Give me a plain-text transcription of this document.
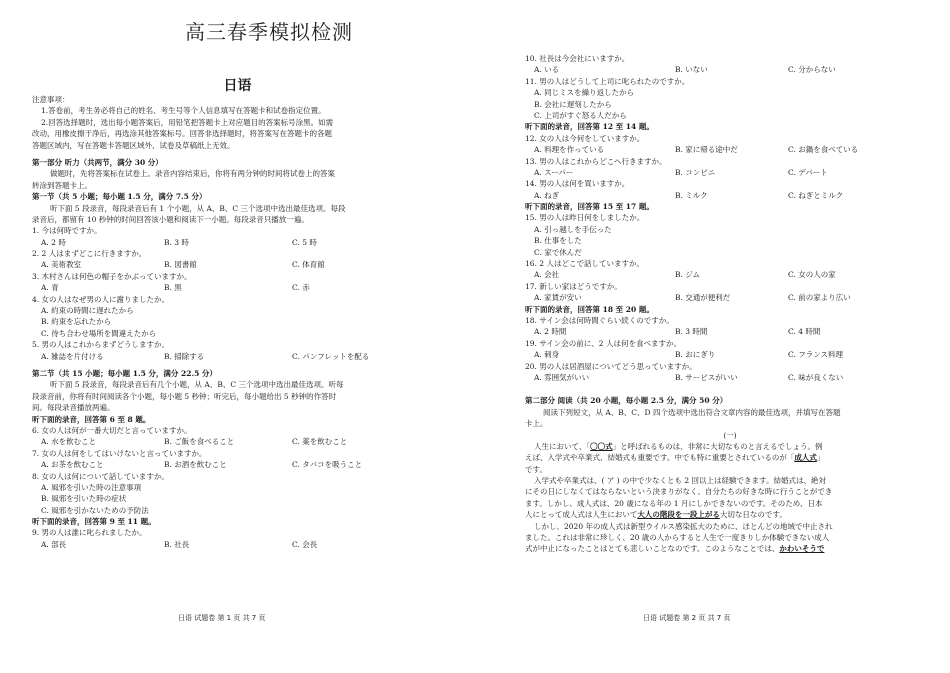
高三春季模拟检测
日语
注意事项：
1.答卷前，考生务必将自己的姓名、考生号等个人信息填写在答题卡和试卷指定位置。
2.回答选择题时，选出每小题答案后，用铅笔把答题卡上对应题目的答案标号涂黑。如需
改动，用橡皮擦干净后，再选涂其他答案标号。回答非选择题时，将答案写在答题卡的各题
答题区域内，写在答题卡答题区域外、试卷及草稿纸上无效。
第一部分 听力（共两节，满分 30 分）
做题时，先将答案标在试卷上。录音内容结束后，你将有两分钟的时间将试卷上的答案
转涂到答题卡上。
第一节（共 5 小题；每小题 1.5 分，满分 7.5 分）
听下面 5 段录音，每段录音后有 1 个小题，从 A、B、C 三个选项中选出最佳选项。每段
录音后，都留有 10 秒钟的时间回答该小题和阅读下一小题。每段录音只播放一遍。
1. 今は何時ですか。
A. 2 時	B. 3 時	C. 5 時
2. 2 人はまずどこに行きますか。
A. 美術教室	B. 図書館	C. 体育館
3. 木村さんは何色の帽子をかぶっていますか。
A. 青	B. 黒	C. 赤
4. 女の人はなぜ男の人に謝りましたか。
A. 約束の時間に遅れたから
B. 約束を忘れたから
C. 待ち合わせ場所を間違えたから
5. 男の人はこれからまずどうしますか。
A. 雑誌を片付ける	B. 掃除する	C. パンフレットを配る
第二节（共 15 小题；每小题 1.5 分，满分 22.5 分）
听下面 5 段录音，每段录音后有几个小题，从 A、B、C 三个选项中选出最佳选项。听每
段录音前，你将有时间阅读各个小题，每小题 5 秒钟；听完后，每小题给出 5 秒钟的作答时
间。每段录音播放两遍。
听下面的录音，回答第 6 至 8 题。
6. 女の人は何が一番大切だと言っていますか。
A. 水を飲むこと	B. ご飯を食べること	C. 薬を飲むこと
7. 女の人は何をしてはいけないと言っていますか。
A. お茶を飲むこと	B. お酒を飲むこと	C. タバコを吸うこと
8. 女の人は何について話していますか。
A. 風邪を引いた時の注意事項
B. 風邪を引いた時の症状
C. 風邪を引かないための予防法
听下面的录音，回答第 9 至 11 题。
9. 男の人は誰に叱られましたか。
A. 部長	B. 社長	C. 会長
日语 试题卷 第 1 页 共 7 页
10. 社長は今会社にいますか。
A. いる	B. いない	C. 分からない
11. 男の人はどうして上司に叱られたのですか。
A. 同じミスを繰り返したから
B. 会社に遅刻したから
C. 上司がすぐ怒る人だから
听下面的录音，回答第 12 至 14 题。
12. 女の人は今何をしていますか。
A. 料理を作っている	B. 家に帰る途中だ	C. お鍋を食べている
13. 男の人はこれからどこへ行きますか。
A. スーパー	B. コンビニ	C. デパート
14. 男の人は何を買いますか。
A. ねぎ	B. ミルク	C. ねぎとミルク
听下面的录音，回答第 15 至 17 题。
15. 男の人は昨日何をしましたか。
A. 引っ越しを手伝った
B. 仕事をした
C. 家で休んだ
16. 2 人はどこで話していますか。
A. 会社	B. ジム	C. 女の人の家
17. 新しい家はどうですか。
A. 家賃が安い	B. 交通が便利だ	C. 前の家より広い
听下面的录音，回答第 18 至 20 题。
18. サイン会は何時間ぐらい続くのですか。
A. 2 時間	B. 3 時間	C. 4 時間
19. サイン会の前に、2 人は何を食べますか。
A. 刺身	B. おにぎり	C. フランス料理
20. 男の人は居酒屋についてどう思っていますか。
A. 雰囲気がいい	B. サービスがいい	C. 味が良くない
第二部分 阅读（共 20 小题，每小题 2.5 分，满分 50 分）
阅读下列短文，从 A、B、C、D 四个选项中选出符合文章内容的最佳选项，并填写在答题
卡上。
(一)
人生において、「〇〇式」と呼ばれるものは、非常に大切なものと言えるでしょう。例
えば、入学式や卒業式、結婚式も重要です。中でも特に重要とされているのが「成人式」
です。
入学式や卒業式は、( ア ) の中で少なくとも 2 回以上は経験できます。結婚式は、絶対
にその日にしなくてはならないという決まりがなく、自分たちの好きな時に行うことができ
ます。しかし、成人式は、20 歳になる年の 1 月にしかできないのです。そのため、日本
人にとって成人式は人生において大人の階段を一段上がる大切な日なのです。
しかし、2020 年の成人式は新型ウイルス感染拡大のために、ほとんどの地域で中止され
ました。これは非常に珍しく、20 歳の人からすると人生で一度きりしか体験できない成人
式が中止になったことはとても悲しいことなのです。このようなことでは、かわいそうで
日语 试题卷 第 2 页 共 7 页
